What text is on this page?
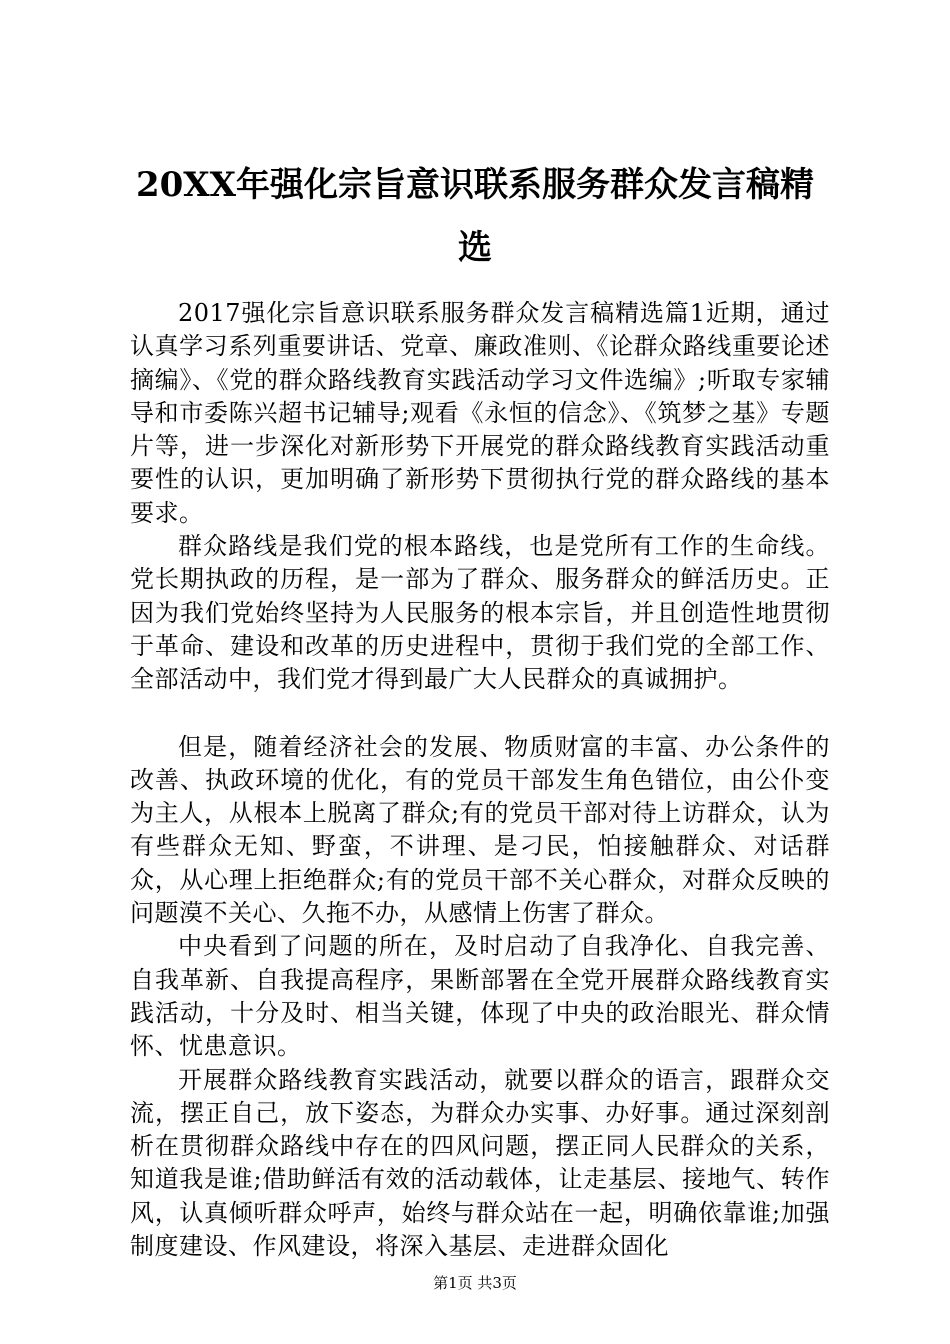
20XX年强化宗旨意识联系服务群众发言稿精
选

2017强化宗旨意识联系服务群众发言稿精选篇1近期，通过认真学习系列重要讲话、党章、廉政准则、《论群众路线重要论述摘编》、《党的群众路线教育实践活动学习文件选编》;听取专家辅导和市委陈兴超书记辅导;观看《永恒的信念》、《筑梦之基》专题片等，进一步深化对新形势下开展党的群众路线教育实践活动重要性的认识，更加明确了新形势下贯彻执行党的群众路线的基本要求。

群众路线是我们党的根本路线，也是党所有工作的生命线。党长期执政的历程，是一部为了群众、服务群众的鲜活历史。正因为我们党始终坚持为人民服务的根本宗旨，并且创造性地贯彻于革命、建设和改革的历史进程中，贯彻于我们党的全部工作、全部活动中，我们党才得到最广大人民群众的真诚拥护。

但是，随着经济社会的发展、物质财富的丰富、办公条件的改善、执政环境的优化，有的党员干部发生角色错位，由公仆变为主人，从根本上脱离了群众;有的党员干部对待上访群众，认为有些群众无知、野蛮，不讲理、是刁民，怕接触群众、对话群众，从心理上拒绝群众;有的党员干部不关心群众，对群众反映的问题漠不关心、久拖不办，从感情上伤害了群众。

中央看到了问题的所在，及时启动了自我净化、自我完善、自我革新、自我提高程序，果断部署在全党开展群众路线教育实践活动，十分及时、相当关键，体现了中央的政治眼光、群众情怀、忧患意识。

开展群众路线教育实践活动，就要以群众的语言，跟群众交流，摆正自己，放下姿态，为群众办实事、办好事。通过深刻剖析在贯彻群众路线中存在的四风问题，摆正同人民群众的关系，知道我是谁;借助鲜活有效的活动载体，让走基层、接地气、转作风，认真倾听群众呼声，始终与群众站在一起，明确依靠谁;加强制度建设、作风建设，将深入基层、走进群众固化

第1页 共3页
